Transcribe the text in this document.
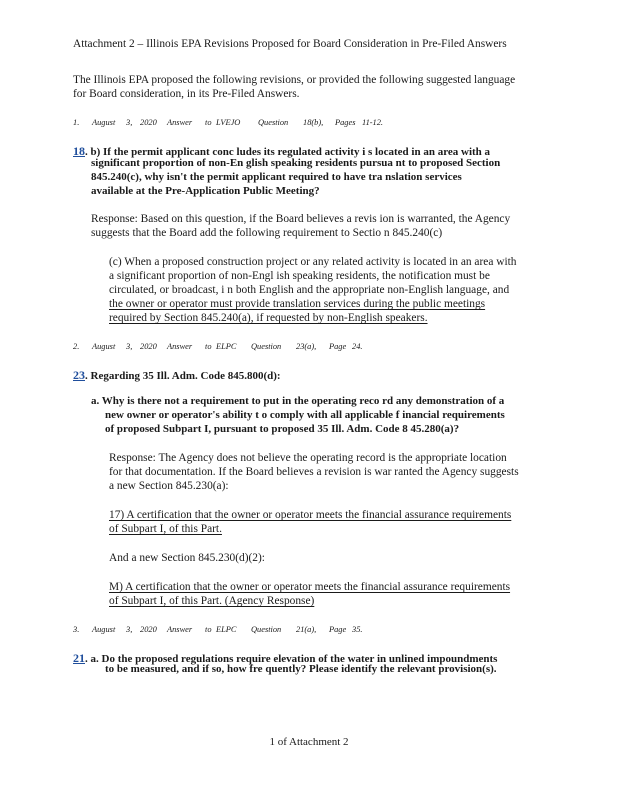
Attachment 2 – Illinois EPA Revisions Proposed for Board Consideration in Pre-Filed Answers
The Illinois EPA proposed the following revisions, or provided the following suggested language
for Board consideration, in its Pre-Filed Answers.
1. August 3, 2020 Answer to LVEJO Question 18(b), Pages 11-12.
18. b) If the permit applicant conc ludes its regulated activity i s located in an area with a
significant proportion of non-En glish speaking residents pursua nt to proposed Section
845.240(c), why isn't the permit applicant required to have tra nslation services
available at the Pre-Application Public Meeting?
Response: Based on this question, if the Board believes a revis ion is warranted, the Agency
suggests that the Board add the following requirement to Sectio n 845.240(c)
(c) When a proposed construction project or any related activity is located in an area with
a significant proportion of non-Engl ish speaking residents, the notification must be
circulated, or broadcast, i n both English and the appropriate non-English language, and
the owner or operator must provide translation services during the public meetings
required by Section 845.240(a), if requested by non-English speakers.
2. August 3, 2020 Answer to ELPC Question 23(a), Page 24.
23. Regarding 35 Ill. Adm. Code 845.800(d):
a. Why is there not a requirement to put in the operating reco rd any demonstration of a
new owner or operator's ability t o comply with all applicable f inancial requirements
of proposed Subpart I, pursuant to proposed 35 Ill. Adm. Code 8 45.280(a)?
Response: The Agency does not believe the operating record is the appropriate location
for that documentation. If the Board believes a revision is war ranted the Agency suggests
a new Section 845.230(a):
17) A certification that the owner or operator meets the financial assurance requirements
of Subpart I, of this Part.
And a new Section 845.230(d)(2):
M) A certification that the owner or operator meets the financial assurance requirements
of Subpart I, of this Part. (Agency Response)
3. August 3, 2020 Answer to ELPC Question 21(a), Page 35.
21. a. Do the proposed regulations require elevation of the water in unlined impoundments
to be measured, and if so, how fre quently? Please identify the relevant provision(s).
1 of Attachment 2
